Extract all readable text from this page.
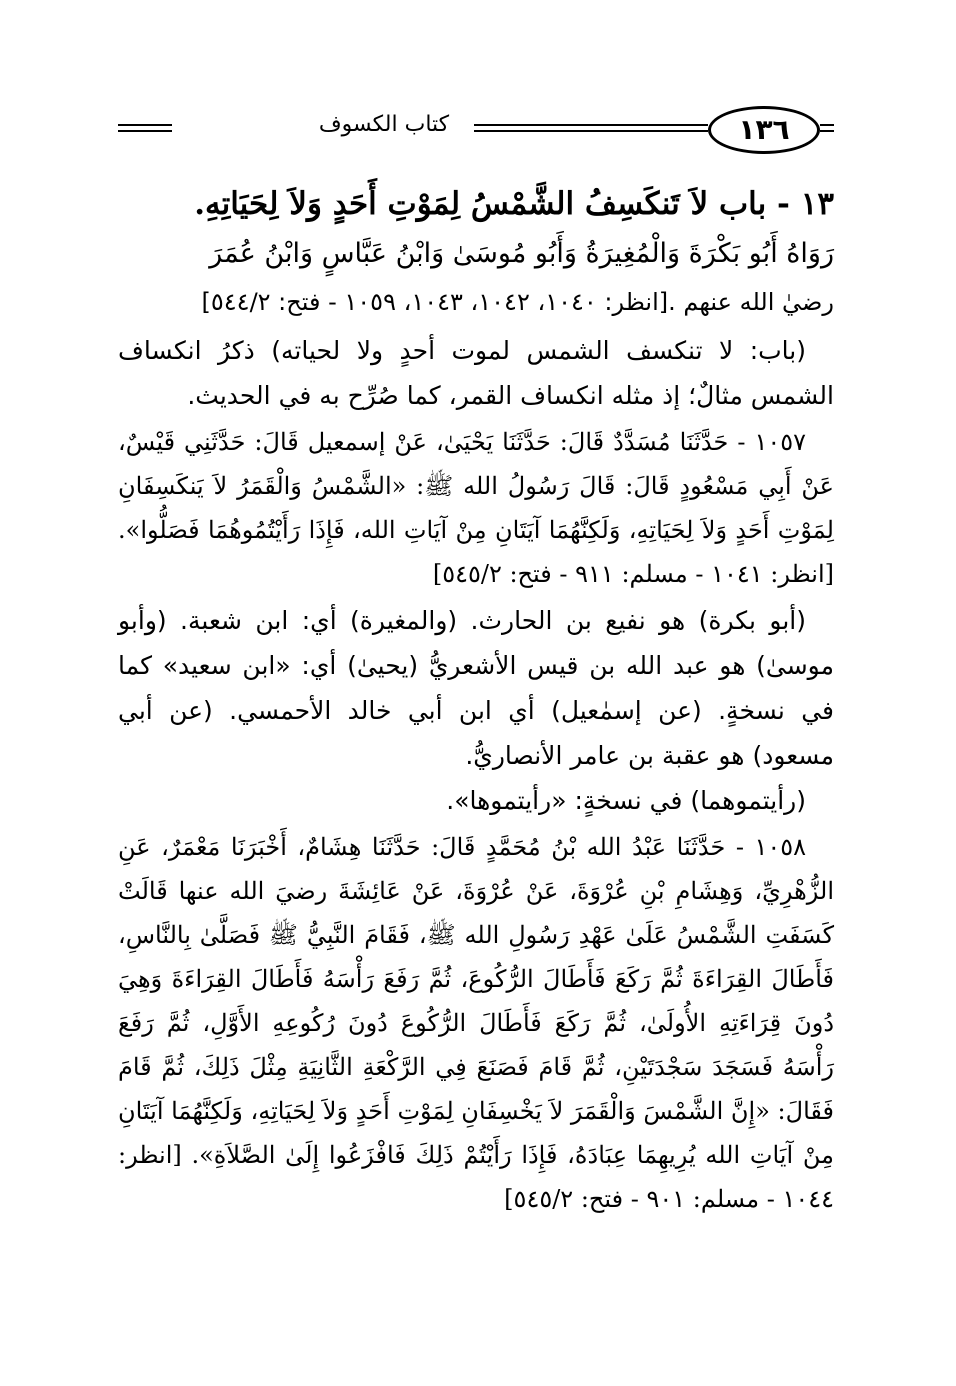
كتاب الكسوف	١٣٦

١٣ - باب لاَ تَنكَسِفُ الشَّمْسُ لِمَوْتِ أَحَدٍ وَلاَ لِحَيَاتِهِ.

رَوَاهُ أَبُو بَكْرَةَ وَالْمُغِيرَةُ وَأَبُو مُوسَىٰ وَابْنُ عَبَّاسٍ وَابْنُ عُمَرَ

رضيٰ الله عنهم .[انظر: ١٠٤٠، ١٠٤٢، ١٠٤٣، ١٠٥٩ - فتح: ٥٤٤/٢]

(باب: لا تنكسف الشمس لموت أحدٍ ولا لحياته) ذكرُ انكساف الشمس مثالٌ؛ إذ مثله انكساف القمر، كما صُرِّح به في الحديث.

١٠٥٧ - حَدَّثَنَا مُسَدَّدٌ قَالَ: حَدَّثَنَا يَحْيَىٰ، عَنْ إسمعيل قَالَ: حَدَّثَنِي قَيْسٌ، عَنْ أَبِي مَسْعُودٍ قَالَ: قَالَ رَسُولُ الله ﷺ: «الشَّمْسُ وَالْقَمَرُ لاَ يَنكَسِفَانِ لِمَوْتِ أَحَدٍ وَلاَ لِحَيَاتِهِ، وَلَكِنَّهُمَا آيَتَانِ مِنْ آيَاتِ الله، فَإِذَا رَأَيْتُمُوهُمَا فَصَلُّوا». [انظر: ١٠٤١ - مسلم: ٩١١ - فتح: ٥٤٥/٢]

(أبو بكرة) هو نفيع بن الحارث. (والمغيرة) أي: ابن شعبة. (وأبو موسىٰ) هو عبد الله بن قيس الأشعريُّ (يحيىٰ) أي: «ابن سعيد» كما في نسخةٍ. (عن إسمٰعيل) أي ابن أبي خالد الأحمسي. (عن أبي مسعود) هو عقبة بن عامر الأنصاريُّ.

(رأيتموهما) في نسخةٍ: «رأيتموها».

١٠٥٨ - حَدَّثَنَا عَبْدُ الله بْنُ مُحَمَّدٍ قَالَ: حَدَّثَنَا هِشَامٌ، أَخْبَرَنَا مَعْمَرٌ، عَنِ الزُّهْرِيِّ، وَهِشَامِ بْنِ عُرْوَةَ، عَنْ عُرْوَةَ، عَنْ عَائِشَةَ رضيَ الله عنها قَالَتْ كَسَفَتِ الشَّمْسُ عَلَىٰ عَهْدِ رَسُولِ الله ﷺ، فَقَامَ النَّبِيُّ ﷺ فَصَلَّىٰ بِالنَّاسِ، فَأَطَالَ القِرَاءَةَ ثُمَّ رَكَعَ فَأَطَالَ الرُّكُوعَ، ثُمَّ رَفَعَ رَأْسَهُ فَأَطَالَ القِرَاءَةَ وَهِيَ دُونَ قِرَاءَتِهِ الأُولَىٰ، ثُمَّ رَكَعَ فَأَطَالَ الرُّكُوعَ دُونَ رُكُوعِهِ الأَوَّلِ، ثُمَّ رَفَعَ رَأْسَهُ فَسَجَدَ سَجْدَتَيْنِ، ثُمَّ قَامَ فَصَنَعَ فِي الرَّكْعَةِ الثَّانِيَةِ مِثْلَ ذَلِكَ، ثُمَّ قَامَ فَقَالَ: «إِنَّ الشَّمْسَ وَالْقَمَرَ لاَ يَخْسِفَانِ لِمَوْتِ أَحَدٍ وَلاَ لِحَيَاتِهِ، وَلَكِنَّهُمَا آيَتَانِ مِنْ آيَاتِ الله يُرِيهِمَا عِبَادَهُ، فَإِذَا رَأَيْتُمْ ذَلِكَ فَافْزَعُوا إِلَىٰ الصَّلاَةِ». [انظر: ١٠٤٤ - مسلم: ٩٠١ - فتح: ٥٤٥/٢]
